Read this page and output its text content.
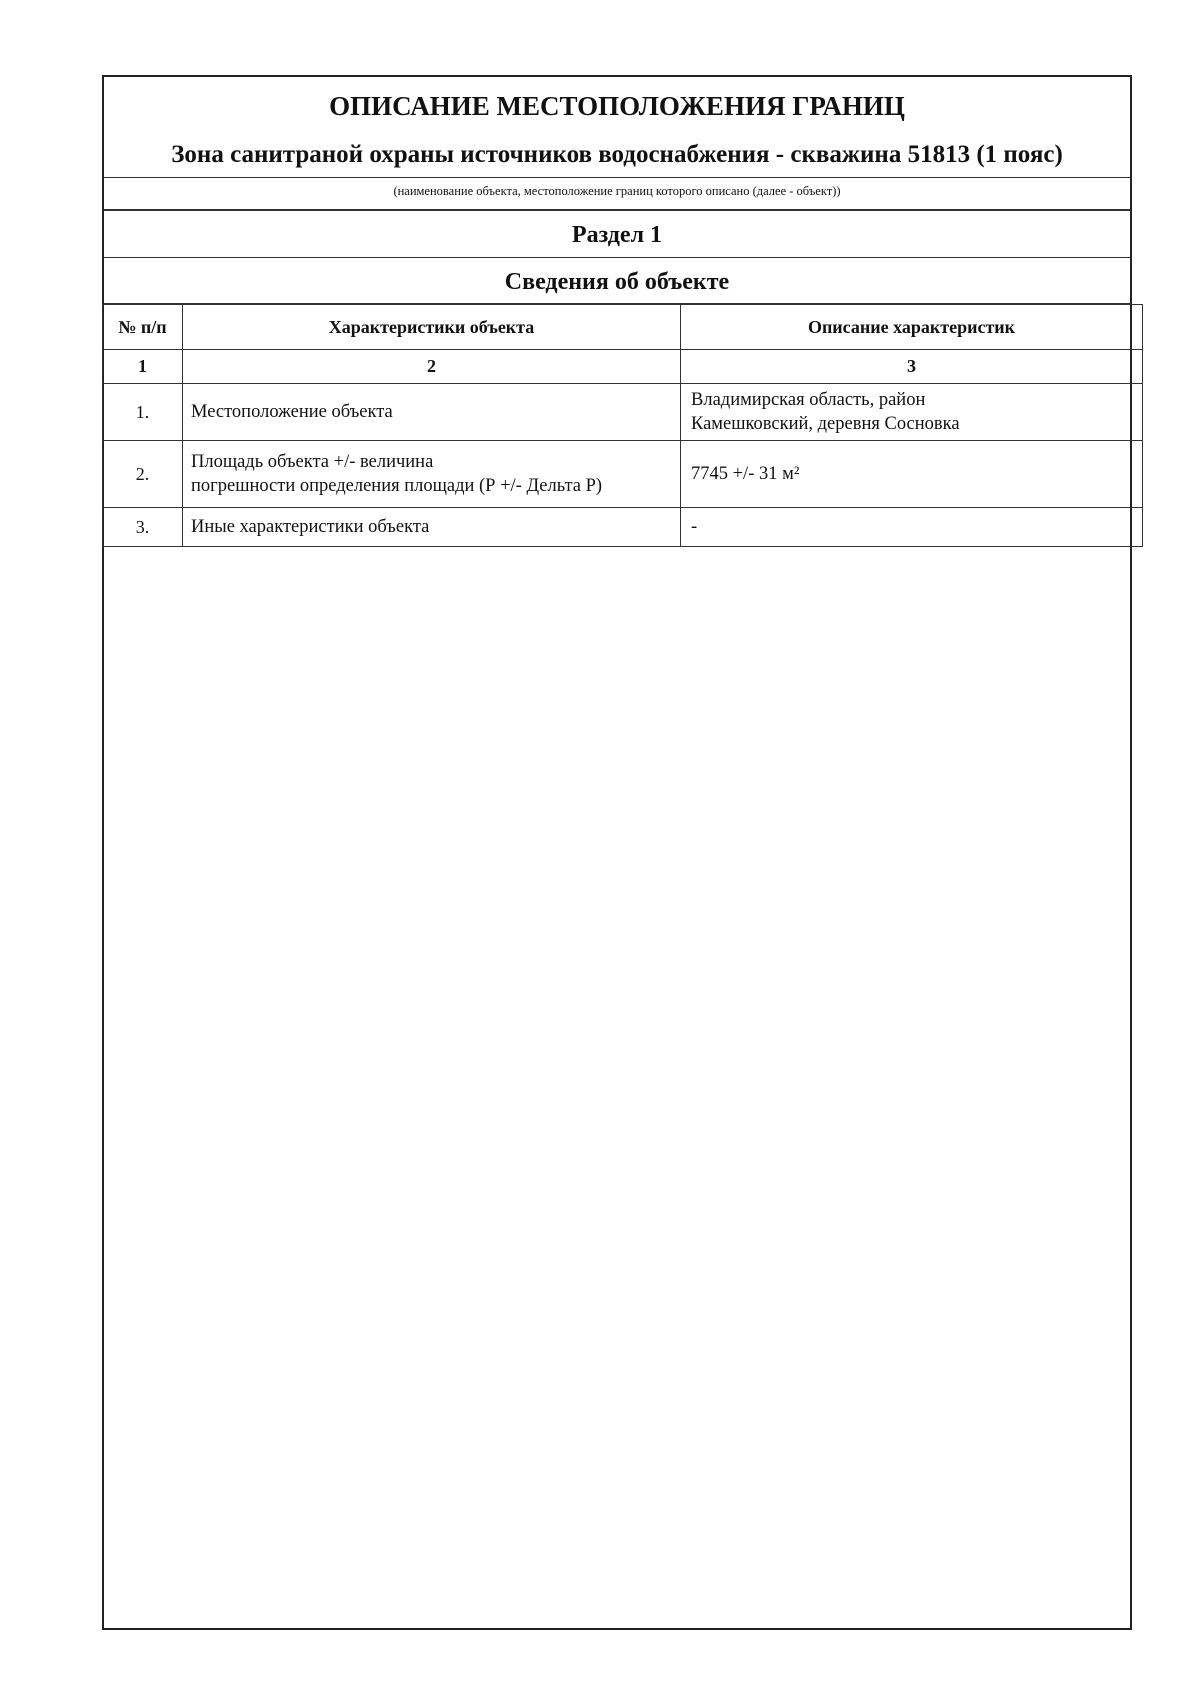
ОПИСАНИЕ МЕСТОПОЛОЖЕНИЯ ГРАНИЦ
Зона санитраной охраны источников водоснабжения - скважина 51813 (1 пояс)
(наименование объекта, местоположение границ которого описано (далее - объект))
Раздел 1
Сведения об объекте
№ п/п	Характеристики объекта	Описание характеристик
1	2	3
1.	Местоположение объекта	Владимирская область, район
Камешковский, деревня Сосновка

2.	Площадь объекта +/- величина
погрешности определения площади (Р +/- Дельта Р)	7745 +/- 31 м²
3.	Иные характеристики объекта	-
